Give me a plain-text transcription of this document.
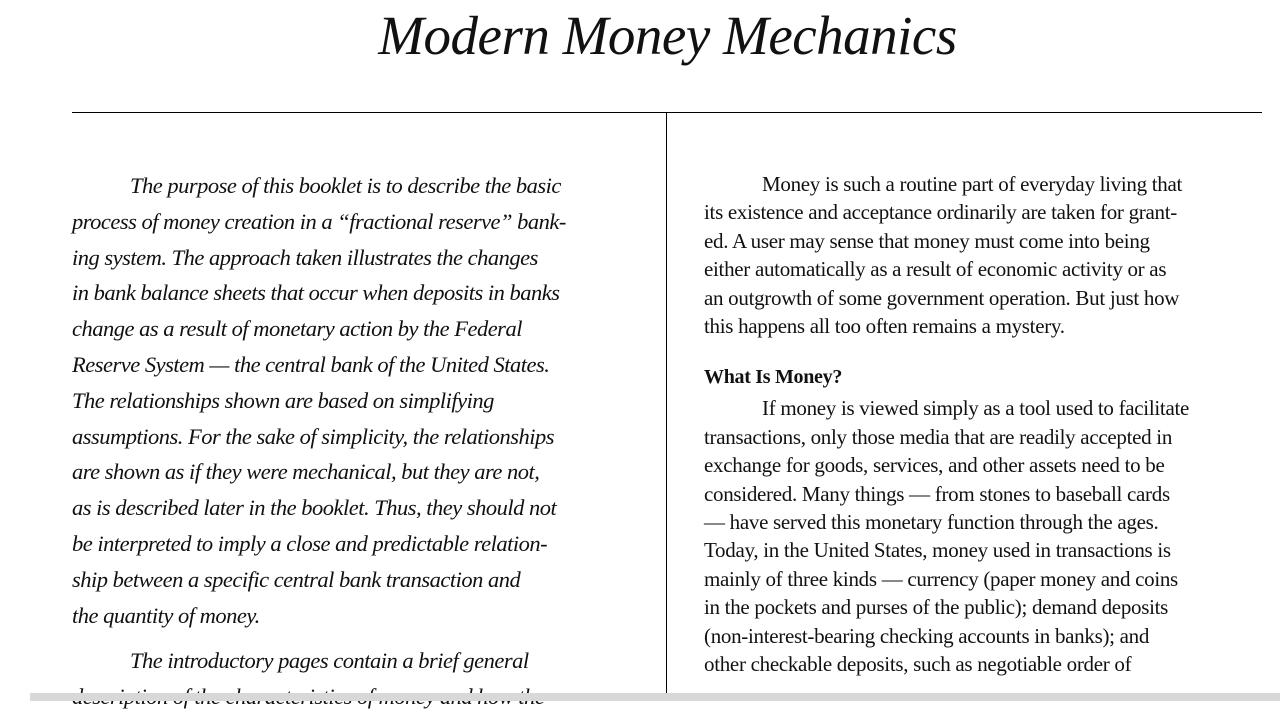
Modern Money Mechanics

The purpose of this booklet is to describe the basic
process of money creation in a “fractional reserve” bank-
ing system. The approach taken illustrates the changes
in bank balance sheets that occur when deposits in banks
change as a result of monetary action by the Federal
Reserve System — the central bank of the United States.
The relationships shown are based on simplifying
assumptions. For the sake of simplicity, the relationships
are shown as if they were mechanical, but they are not,
as is described later in the booklet. Thus, they should not
be interpreted to imply a close and predictable relation-
ship between a specific central bank transaction and
the quantity of money.

The introductory pages contain a brief general

Money is such a routine part of everyday living that
its existence and acceptance ordinarily are taken for grant-
ed. A user may sense that money must come into being
either automatically as a result of economic activity or as
an outgrowth of some government operation. But just how
this happens all too often remains a mystery.

What Is Money?

If money is viewed simply as a tool used to facilitate
transactions, only those media that are readily accepted in
exchange for goods, services, and other assets need to be
considered. Many things — from stones to baseball cards
— have served this monetary function through the ages.
Today, in the United States, money used in transactions is
mainly of three kinds — currency (paper money and coins
in the pockets and purses of the public); demand deposits
(non-interest-bearing checking accounts in banks); and
other checkable deposits, such as negotiable order of
